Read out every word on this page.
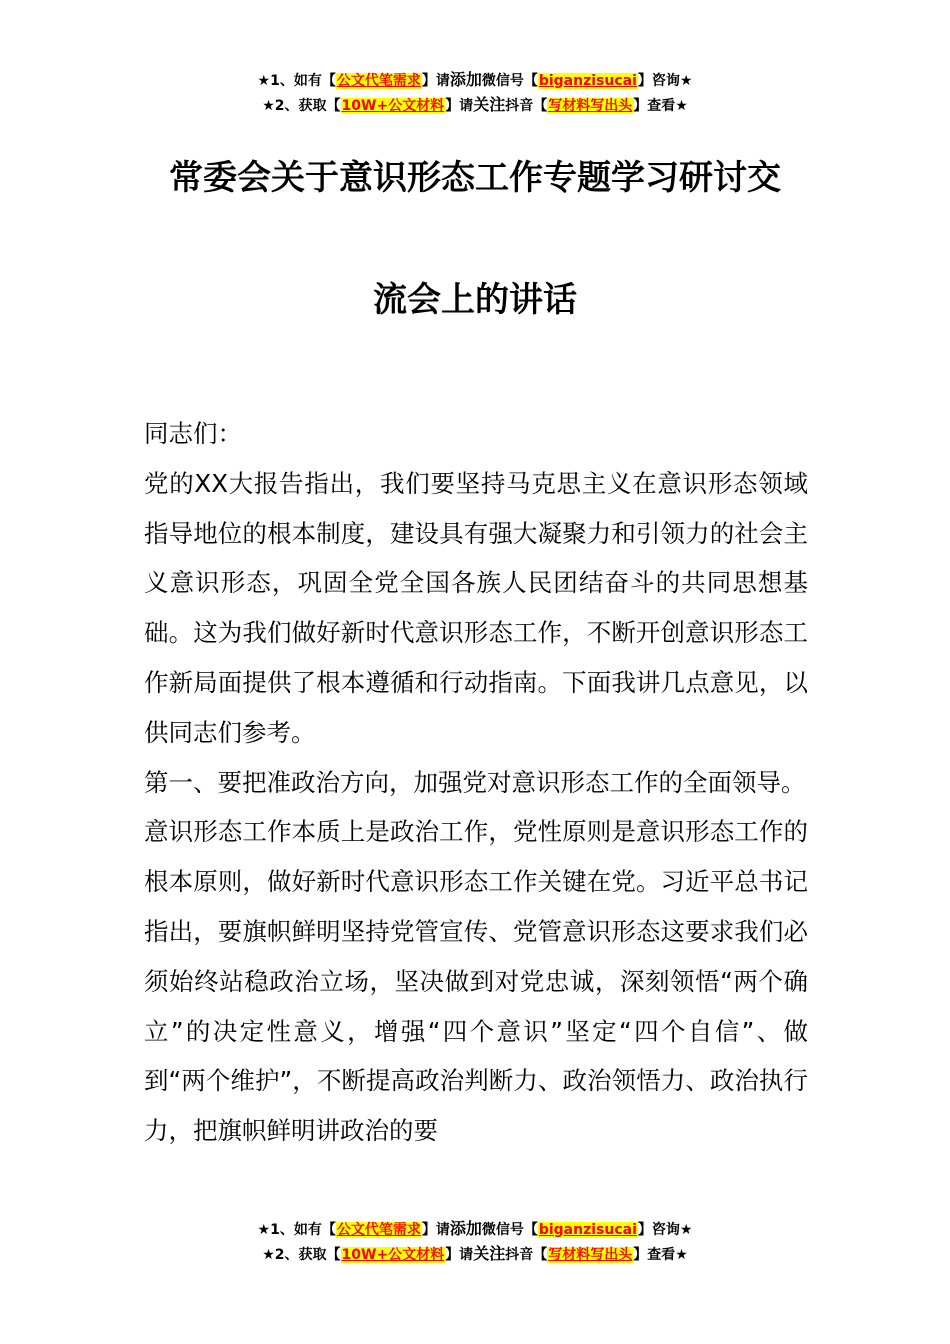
★1、如有【公文代笔需求】请添加微信号【biganzisucai】咨询★
★2、获取【10W+公文材料】请关注抖音【写材料写出头】查看★
常委会关于意识形态工作专题学习研讨交
流会上的讲话

同志们：

党的XX大报告指出，我们要坚持马克思主义在意识形态领域指导地位的根本制度，建设具有强大凝聚力和引领力的社会主义意识形态，巩固全党全国各族人民团结奋斗的共同思想基础。这为我们做好新时代意识形态工作，不断开创意识形态工作新局面提供了根本遵循和行动指南。下面我讲几点意见，以供同志们参考。

第一、要把准政治方向，加强党对意识形态工作的全面领导。

意识形态工作本质上是政治工作，党性原则是意识形态工作的根本原则，做好新时代意识形态工作关键在党。习近平总书记指出，要旗帜鲜明坚持党管宣传、党管意识形态这要求我们必须始终站稳政治立场，坚决做到对党忠诚，深刻领悟“两个确立”的决定性意义，增强“四个意识”坚定“四个自信”、做到“两个维护”，不断提高政治判断力、政治领悟力、政治执行力，把旗帜鲜明讲政治的要

★1、如有【公文代笔需求】请添加微信号【biganzisucai】咨询★
★2、获取【10W+公文材料】请关注抖音【写材料写出头】查看★
